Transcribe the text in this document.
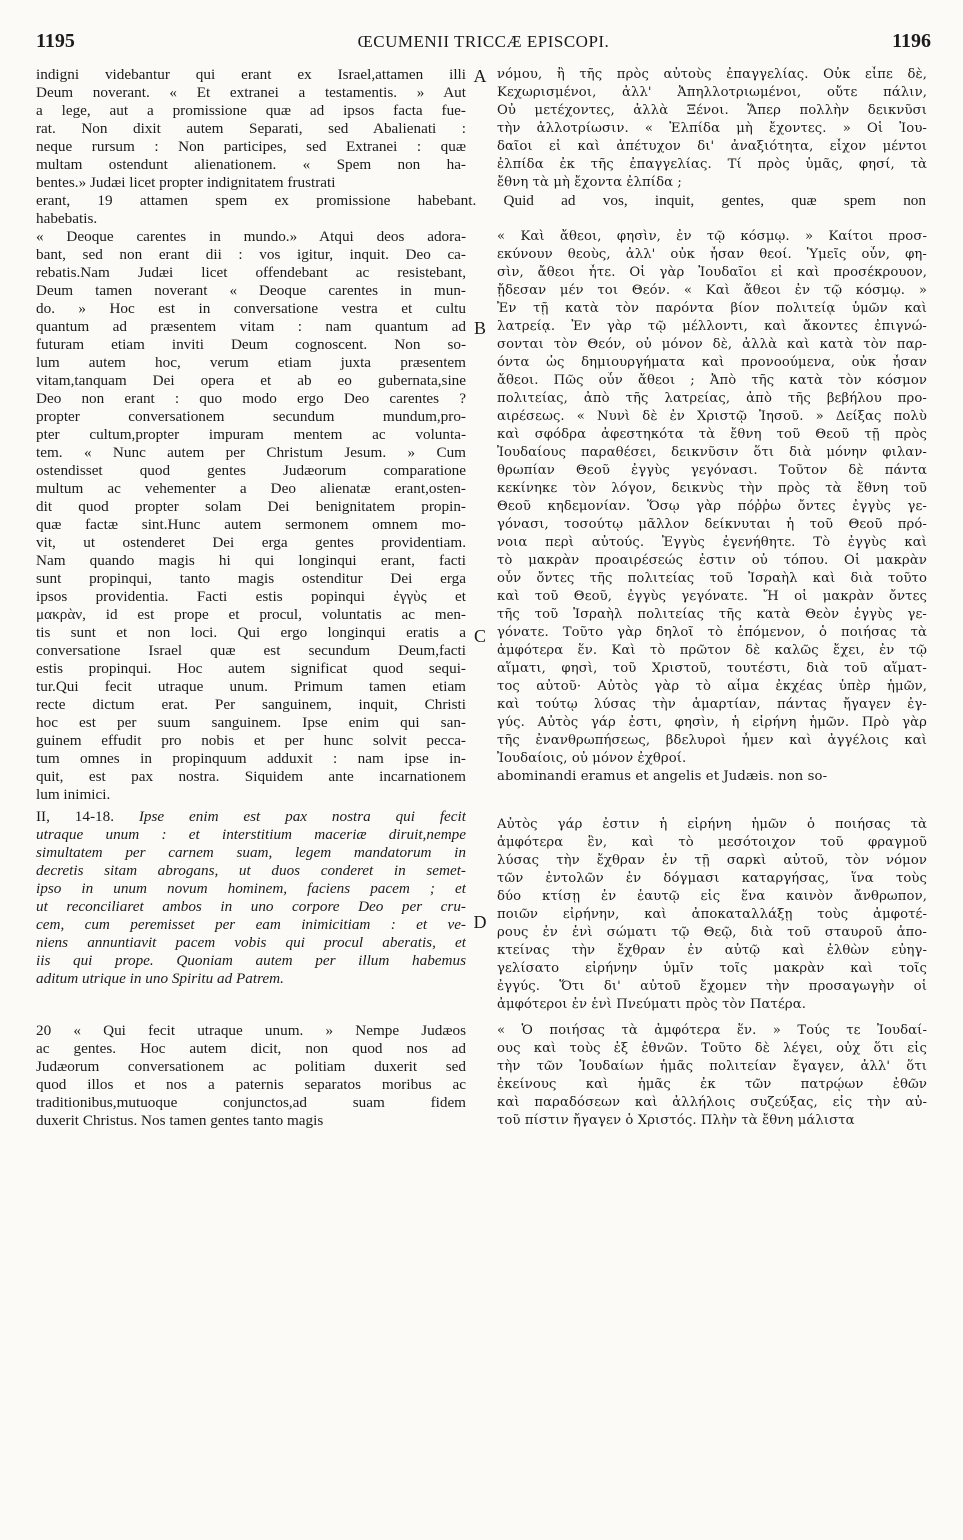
1195	ŒCUMENII TRICCÆ EPISCOPI.	1196
indigni videbantur qui erant ex Israel,attamen illi
Deum noverant. « Et extranei a testamentis. » Aut
a lege, aut a promissione quæ ad ipsos facta fue-
rat. Non dixit autem Separati, sed Abalienati :
neque rursum : Non participes, sed Extranei : quæ
multam ostendunt alienationem. « Spem non ha-
bentes.» Judæi licet propter indignitatem frustrati
νόμου, ἢ τῆς πρὸς αὐτοὺς ἐπαγγελίας. Οὐκ εἶπε δὲ,
Κεχωρισμένοι, ἀλλ' Ἀπηλλοτριωμένοι, οὔτε πάλιν,
Οὐ μετέχοντες, ἀλλὰ Ξένοι. Ἅπερ πολλὴν δεικνῦσι
τὴν ἀλλοτρίωσιν. « Ἐλπίδα μὴ ἔχοντες. » Οἱ Ἰου-
δαῖοι εἰ καὶ ἀπέτυχον δι' ἀναξιότητα, εἶχον μέντοι
ἐλπίδα ἐκ τῆς ἐπαγγελίας. Τί πρὸς ὑμᾶς, φησί, τὰ
ἔθνη τὰ μὴ ἔχοντα ἐλπίδα ;
erant, 19 attamen spem ex promissione habebant. Quid ad vos, inquit, gentes, quæ spem non
habebatis.
« Deoque carentes in mundo.» Atqui deos adora-
bant, sed non erant dii : vos igitur, inquit. Deo ca-
rebatis.Nam Judæi licet offendebant ac resistebant,
Deum tamen noverant « Deoque carentes in mun-
do. » Hoc est in conversatione vestra et cultu
quantum ad præsentem vitam : nam quantum ad
futuram etiam inviti Deum cognoscent. Non so-
lum autem hoc, verum etiam juxta præsentem
vitam,tanquam Dei opera et ab eo gubernata,sine
Deo non erant : quo modo ergo Deo carentes ?
propter conversationem secundum mundum,pro-
pter cultum,propter impuram mentem ac volunta-
tem. « Nunc autem per Christum Jesum. » Cum
ostendisset quod gentes Judæorum comparatione
multum ac vehementer a Deo alienatæ erant,osten-
dit quod propter solam Dei benignitatem propin-
quæ factæ sint.Hunc autem sermonem omnem mo-
vit, ut ostenderet Dei erga gentes providentiam.
Nam quando magis hi qui longinqui erant, facti
sunt propinqui, tanto magis ostenditur Dei erga
ipsos providentia. Facti estis popinqui ἐγγὺς et
μακρὰν, id est prope et procul, voluntatis ac men-
tis sunt et non loci. Qui ergo longinqui eratis a
conversatione Israel quæ est secundum Deum,facti
estis propinqui. Hoc autem significat quod sequi-
tur.Qui fecit utraque unum. Primum tamen etiam
recte dictum erat. Per sanguinem, inquit, Christi
hoc est per suum sanguinem. Ipse enim qui san-
guinem effudit pro nobis et per hunc solvit pecca-
tum omnes in propinquum adduxit : nam ipse in-
quit, est pax nostra. Siquidem ante incarnationem
lum inimici.
« Καὶ ἄθεοι, φησὶν, ἐν τῷ κόσμῳ. » Καίτοι προσ-
εκύνουν θεοὺς, ἀλλ' οὐκ ἦσαν θεοί. Ὑμεῖς οὖν, φη-
σὶν, ἄθεοι ἦτε. Οἱ γὰρ Ἰουδαῖοι εἰ καὶ προσέκρουον,
ᾔδεσαν μέν τοι Θεόν. « Καὶ ἄθεοι ἐν τῷ κόσμῳ. »
Ἐν τῇ κατὰ τὸν παρόντα βίον πολιτείᾳ ὑμῶν καὶ
λατρείᾳ. Ἐν γὰρ τῷ μέλλοντι, καὶ ἄκοντες ἐπιγνώ-
σονται τὸν Θεόν, οὐ μόνον δὲ, ἀλλὰ καὶ κατὰ τὸν παρ-
όντα ὡς δημιουργήματα καὶ προνοούμενα, οὐκ ἦσαν
ἄθεοι. Πῶς οὖν ἄθεοι ; Ἀπὸ τῆς κατὰ τὸν κόσμον
πολιτείας, ἀπὸ τῆς λατρείας, ἀπὸ τῆς βεβήλου προ-
αιρέσεως. « Νυνὶ δὲ ἐν Χριστῷ Ἰησοῦ. » Δείξας πολὺ
καὶ σφόδρα ἀφεστηκότα τὰ ἔθνη τοῦ Θεοῦ τῇ πρὸς
Ἰουδαίους παραθέσει, δεικνῦσιν ὅτι διὰ μόνην φιλαν-
θρωπίαν Θεοῦ ἐγγὺς γεγόνασι. Τοῦτον δὲ πάντα
κεκίνηκε τὸν λόγον, δεικνὺς τὴν πρὸς τὰ ἔθνη τοῦ
Θεοῦ κηδεμονίαν. Ὅσῳ γὰρ πόῤῥω ὄντες ἐγγὺς γε-
γόνασι, τοσούτῳ μᾶλλον δείκνυται ἡ τοῦ Θεοῦ πρό-
νοια περὶ αὐτούς. Ἐγγὺς ἐγενήθητε. Τὸ ἐγγὺς καὶ
τὸ μακρὰν προαιρέσεώς ἐστιν οὐ τόπου. Οἱ μακρὰν
οὖν ὄντες τῆς πολιτείας τοῦ Ἰσραὴλ καὶ διὰ τοῦτο
καὶ τοῦ Θεοῦ, ἐγγὺς γεγόνατε. Ἤ οἱ μακρὰν ὄντες
τῆς τοῦ Ἰσραὴλ πολιτείας τῆς κατὰ Θεὸν ἐγγὺς γε-
γόνατε. Τοῦτο γὰρ δηλοῖ τὸ ἑπόμενον, ὁ ποιήσας τὰ
ἀμφότερα ἕν. Καὶ τὸ πρῶτον δὲ καλῶς ἔχει, ἐν τῷ
αἵματι, φησὶ, τοῦ Χριστοῦ, τουτέστι, διὰ τοῦ αἵματ-
τος αὐτοῦ· Αὐτὸς γὰρ τὸ αἷμα ἐκχέας ὑπὲρ ἡμῶν,
καὶ τούτῳ λύσας τὴν ἁμαρτίαν, πάντας ἤγαγεν ἐγ-
γύς. Αὐτὸς γάρ ἐστι, φησὶν, ἡ εἰρήνη ἡμῶν. Πρὸ γὰρ
τῆς ἐνανθρωπήσεως, βδελυροὶ ἦμεν καὶ ἀγγέλοις καὶ
Ἰουδαίοις, οὐ μόνον ἐχθροί.
abominandi eramus et angelis et Judæis. non so-
II, 14-18. Ipse enim est pax nostra qui fecit
utraque unum : et interstitium maceriæ diruit,nempe
simultatem per carnem suam, legem mandatorum in
decretis sitam abrogans, ut duos conderet in semet-
ipso in unum novum hominem, faciens pacem ; et
ut reconciliaret ambos in uno corpore Deo per cru-
cem, cum peremisset per eam inimicitiam : et ve-
niens annuntiavit pacem vobis qui procul aberatis, et
iis qui prope. Quoniam autem per illum habemus
aditum utrique in uno Spiritu ad Patrem.
Αὐτὸς γάρ ἐστιν ἡ εἰρήνη ἡμῶν ὁ ποιήσας τὰ
ἀμφότερα ἓν, καὶ τὸ μεσότοιχον τοῦ φραγμοῦ
λύσας τὴν ἔχθραν ἐν τῇ σαρκὶ αὐτοῦ, τὸν νόμον
τῶν ἐντολῶν ἐν δόγμασι καταργήσας, ἵνα τοὺς
δύο κτίσῃ ἐν ἑαυτῷ εἰς ἕνα καινὸν ἄνθρωπον,
ποιῶν εἰρήνην, καὶ ἀποκαταλλάξῃ τοὺς ἀμφοτέ-
ρους ἐν ἑνὶ σώματι τῷ Θεῷ, διὰ τοῦ σταυροῦ ἀπο-
κτείνας τὴν ἔχθραν ἐν αὐτῷ καὶ ἐλθὼν εὐηγ-
γελίσατο εἰρήνην ὑμῖν τοῖς μακρὰν καὶ τοῖς
ἐγγύς. Ὅτι δι' αὐτοῦ ἔχομεν τὴν προσαγωγὴν οἱ
ἀμφότεροι ἐν ἑνὶ Πνεύματι πρὸς τὸν Πατέρα.
20 « Qui fecit utraque unum. » Nempe Judæos
ac gentes. Hoc autem dicit, non quod nos ad
Judæorum conversationem ac politiam duxerit sed
quod illos et nos a paternis separatos moribus ac
traditionibus,mutuoque conjunctos,ad suam fidem
duxerit Christus. Nos tamen gentes tanto magis
« Ὁ ποιήσας τὰ ἀμφότερα ἕν. » Τούς τε Ἰουδαί-
ους καὶ τοὺς ἐξ ἐθνῶν. Τοῦτο δὲ λέγει, οὐχ ὅτι εἰς
τὴν τῶν Ἰουδαίων ἡμᾶς πολιτείαν ἔγαγεν, ἀλλ' ὅτι
ἐκείνους καὶ ἡμᾶς ἐκ τῶν πατρῴων ἐθῶν
καὶ παραδόσεων καὶ ἀλλήλοις συζεύξας, εἰς τὴν αὐ-
τοῦ πίστιν ἤγαγεν ὁ Χριστός. Πλὴν τὰ ἔθνη μάλιστα
A
B
C
D
